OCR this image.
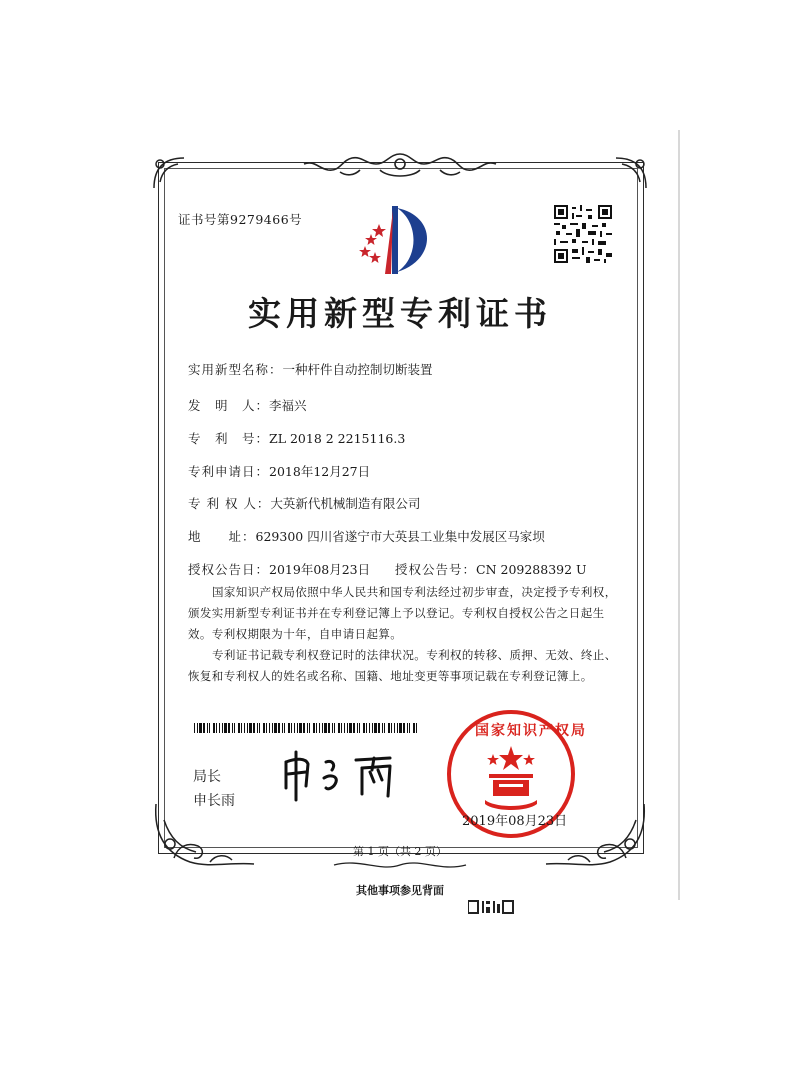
证书号第9279466号
实用新型专利证书
实用新型名称：一种杆件自动控制切断装置
发　明　人：李福兴
专　利　号：ZL 2018 2 2215116.3
专利申请日：2018年12月27日
专 利 权 人：大英新代机械制造有限公司
地　　址：629300 四川省遂宁市大英县工业集中发展区马家坝
授权公告日：2019年08月23日 授权公告号：CN 209288392 U
国家知识产权局依照中华人民共和国专利法经过初步审查，决定授予专利权，颁发实用新型专利证书并在专利登记簿上予以登记。专利权自授权公告之日起生效。专利权期限为十年，自申请日起算。
专利证书记载专利权登记时的法律状况。专利权的转移、质押、无效、终止、恢复和专利权人的姓名或名称、国籍、地址变更等事项记载在专利登记簿上。
局长
申长雨
国家知识产权局
2019年08月23日
第 1 页（共 2 页）
其他事项参见背面
